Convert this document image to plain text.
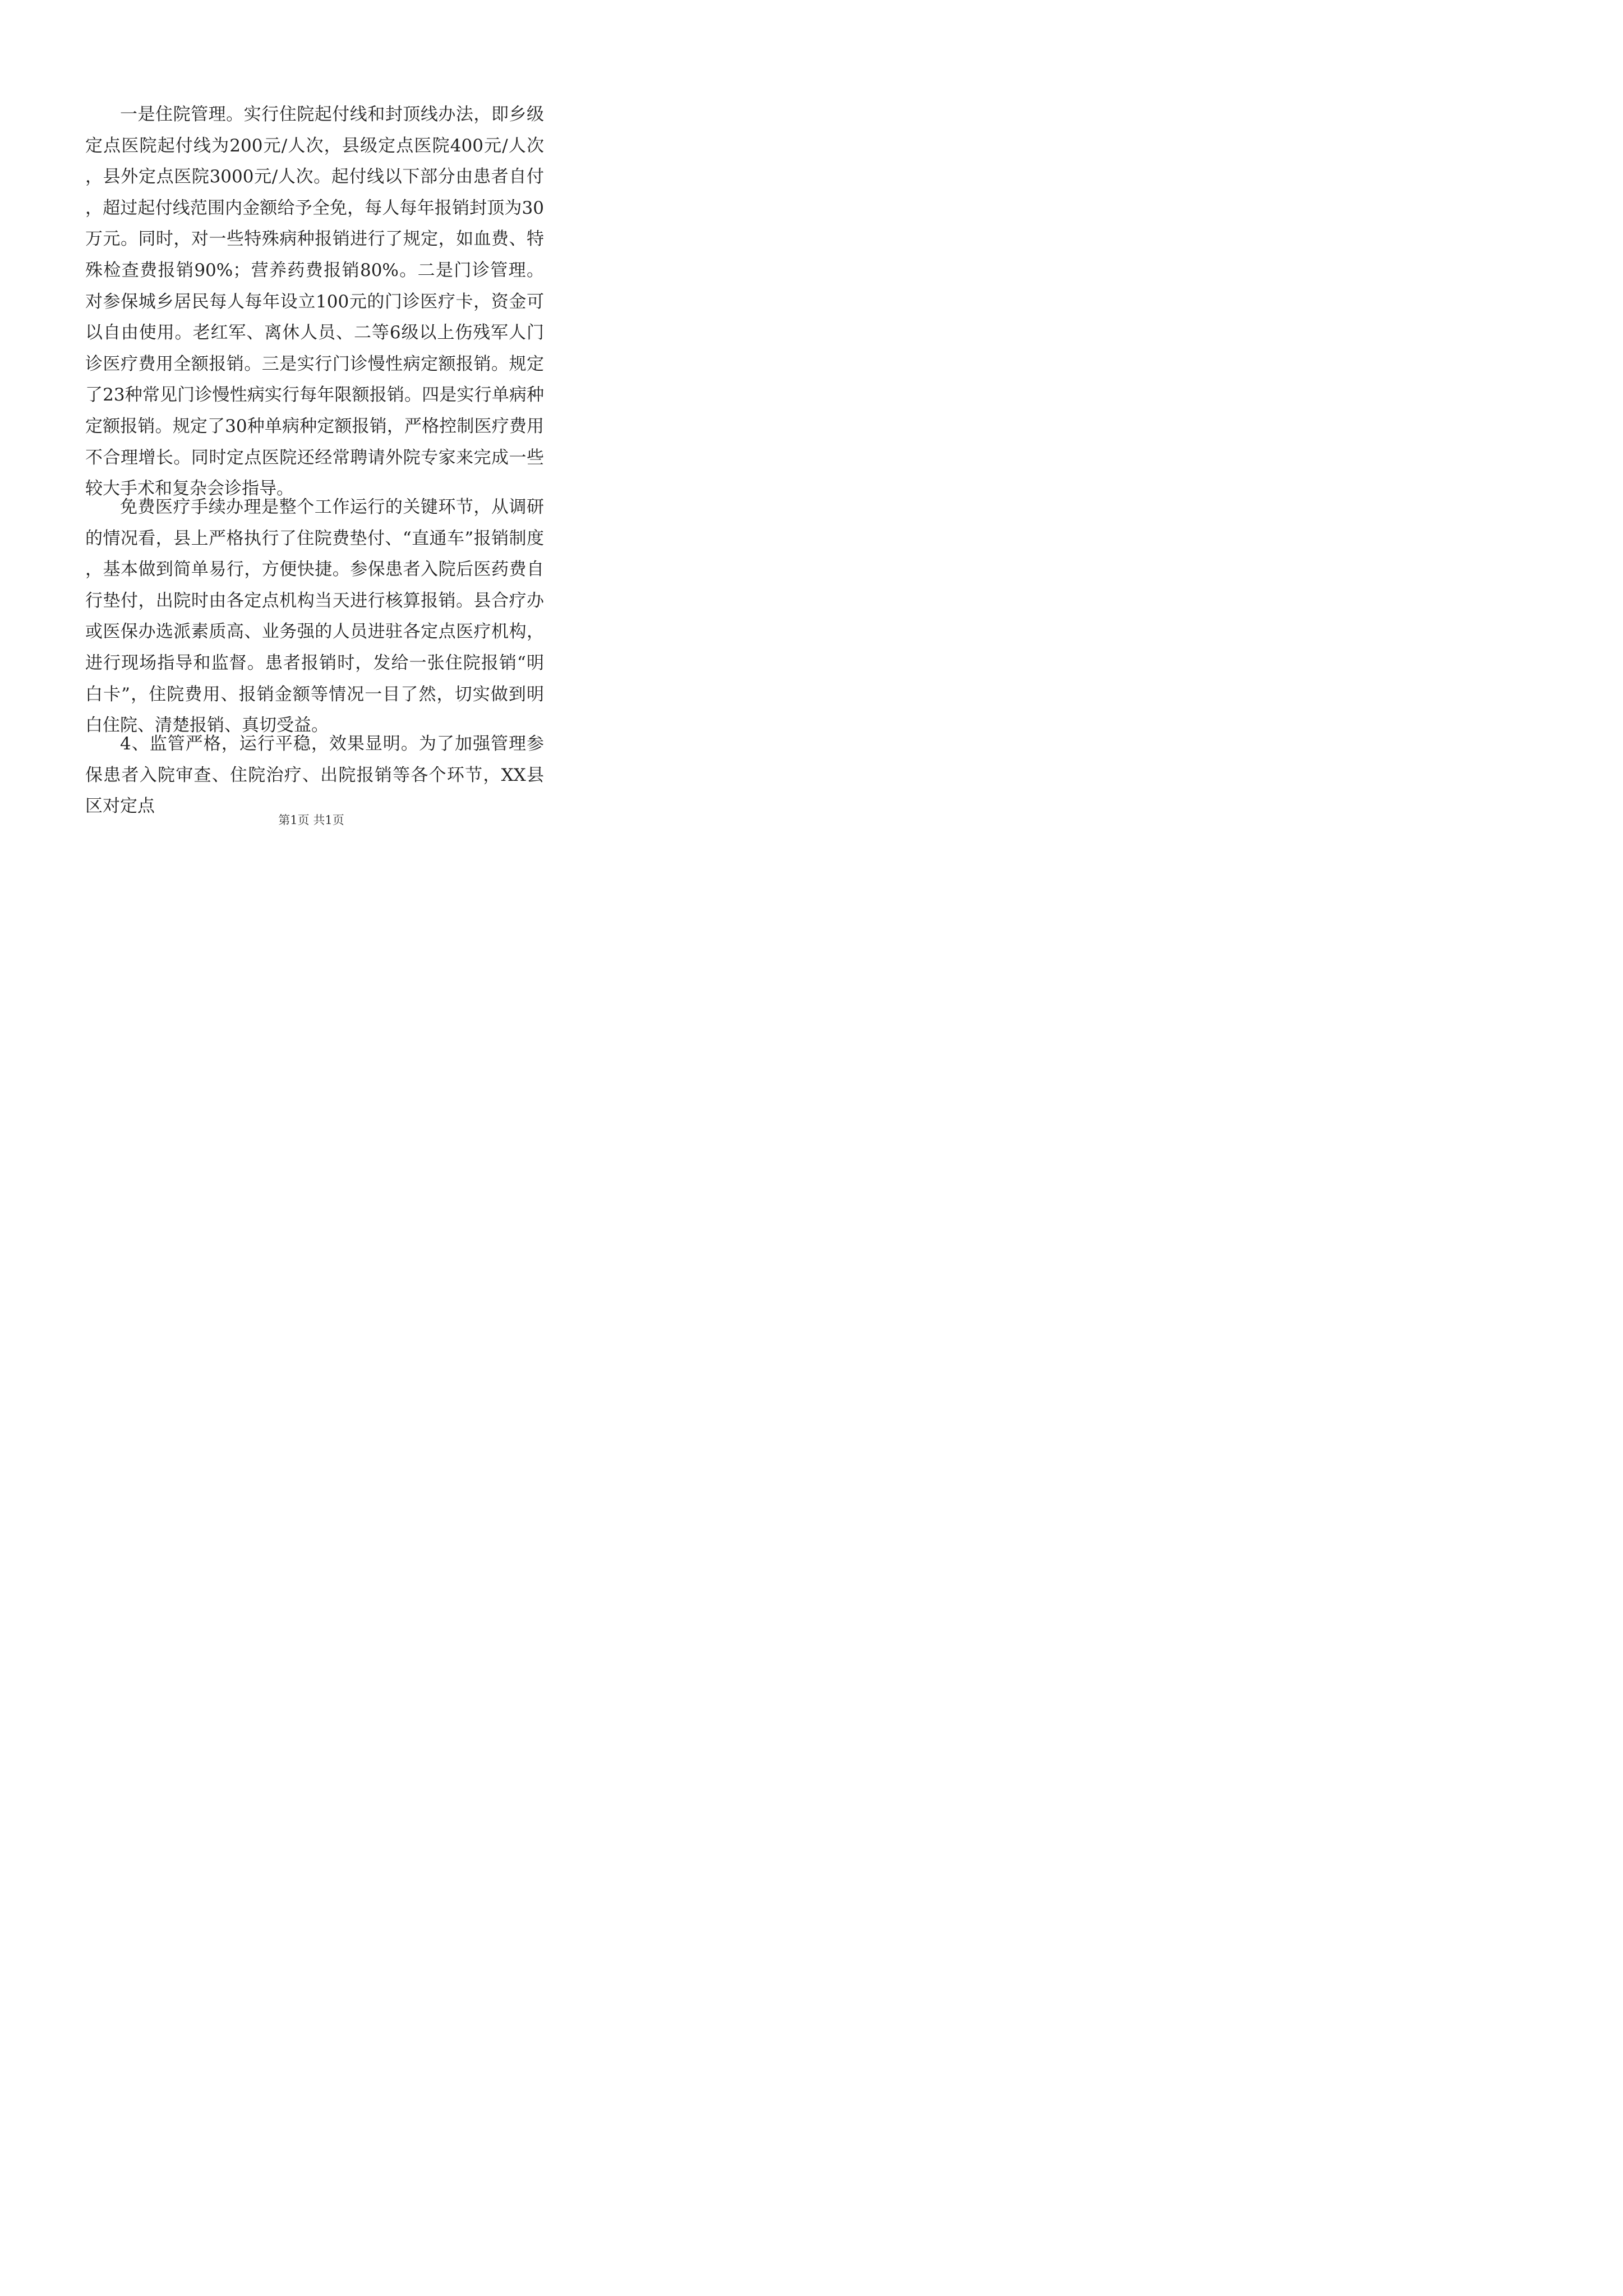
一是住院管理。实行住院起付线和封顶线办法，即乡级定点医院起付线为200元/人次，县级定点医院400元/人次，县外定点医院3000元/人次。起付线以下部分由患者自付，超过起付线范围内金额给予全免，每人每年报销封顶为30万元。同时，对一些特殊病种报销进行了规定，如血费、特殊检查费报销90%；营养药费报销80%。二是门诊管理。对参保城乡居民每人每年设立100元的门诊医疗卡，资金可以自由使用。老红军、离休人员、二等6级以上伤残军人门诊医疗费用全额报销。三是实行门诊慢性病定额报销。规定了23种常见门诊慢性病实行每年限额报销。四是实行单病种定额报销。规定了30种单病种定额报销，严格控制医疗费用不合理增长。同时定点医院还经常聘请外院专家来完成一些较大手术和复杂会诊指导。

免费医疗手续办理是整个工作运行的关键环节，从调研的情况看，县上严格执行了住院费垫付、“直通车”报销制度，基本做到简单易行，方便快捷。参保患者入院后医药费自行垫付，出院时由各定点机构当天进行核算报销。县合疗办或医保办选派素质高、业务强的人员进驻各定点医疗机构，进行现场指导和监督。患者报销时，发给一张住院报销“明白卡”，住院费用、报销金额等情况一目了然，切实做到明白住院、清楚报销、真切受益。

4、监管严格，运行平稳，效果显明。为了加强管理参保患者入院审查、住院治疗、出院报销等各个环节，XX县区对定点

第1页 共1页
